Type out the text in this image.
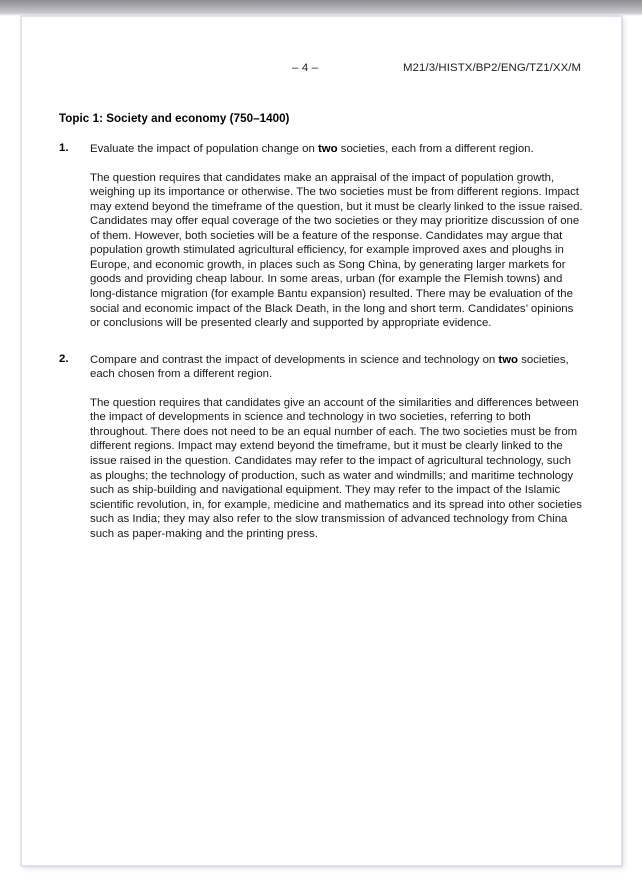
– 4 –	M21/3/HISTX/BP2/ENG/TZ1/XX/M
Topic 1: Society and economy (750–1400)
1.	Evaluate the impact of population change on two societies, each from a different region.
The question requires that candidates make an appraisal of the impact of population growth, weighing up its importance or otherwise. The two societies must be from different regions. Impact may extend beyond the timeframe of the question, but it must be clearly linked to the issue raised. Candidates may offer equal coverage of the two societies or they may prioritize discussion of one of them. However, both societies will be a feature of the response. Candidates may argue that population growth stimulated agricultural efficiency, for example improved axes and ploughs in Europe, and economic growth, in places such as Song China, by generating larger markets for goods and providing cheap labour. In some areas, urban (for example the Flemish towns) and long-distance migration (for example Bantu expansion) resulted. There may be evaluation of the social and economic impact of the Black Death, in the long and short term. Candidates’ opinions or conclusions will be presented clearly and supported by appropriate evidence.
2.	Compare and contrast the impact of developments in science and technology on two societies, each chosen from a different region.
The question requires that candidates give an account of the similarities and differences between the impact of developments in science and technology in two societies, referring to both throughout. There does not need to be an equal number of each. The two societies must be from different regions. Impact may extend beyond the timeframe, but it must be clearly linked to the issue raised in the question. Candidates may refer to the impact of agricultural technology, such as ploughs; the technology of production, such as water and windmills; and maritime technology such as ship-building and navigational equipment. They may refer to the impact of the Islamic scientific revolution, in, for example, medicine and mathematics and its spread into other societies such as India; they may also refer to the slow transmission of advanced technology from China such as paper-making and the printing press.
